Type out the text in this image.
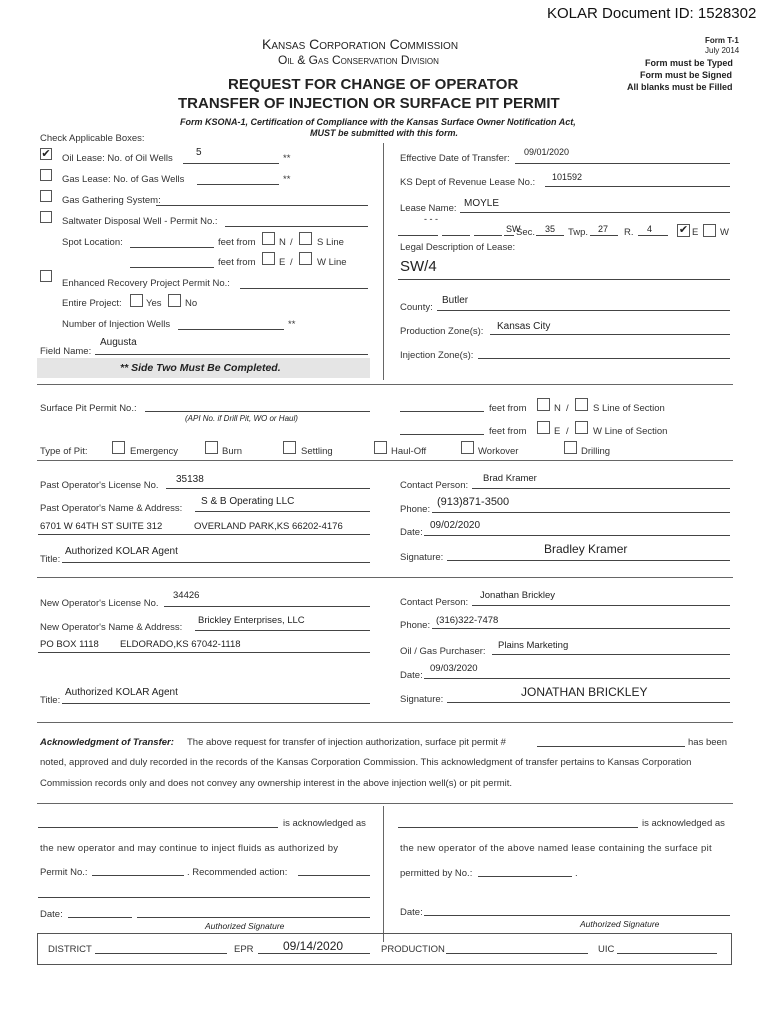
KOLAR Document ID: 1528302
Kansas Corporation Commission
Oil & Gas Conservation Division
Form T-1
July 2014
Form must be Typed
Form must be Signed
All blanks must be Filled
REQUEST FOR CHANGE OF OPERATOR
TRANSFER OF INJECTION OR SURFACE PIT PERMIT
Form KSONA-1, Certification of Compliance with the Kansas Surface Owner Notification Act,
MUST be submitted with this form.
Check Applicable Boxes:
✔ Oil Lease: No. of Oil Wells
5
**
Gas Lease: No. of Gas Wells	**
Gas Gathering System:
Saltwater Disposal Well - Permit No.:
Spot Location:	feet from N /	S Line
feet from E /	W Line
Enhanced Recovery Project Permit No.:
Entire Project:	Yes No
Number of Injection Wells	**
Field Name:
Augusta
** Side Two Must Be Completed.
Effective Date of Transfer:
09/01/2020
KS Dept of Revenue Lease No.: 101592
Lease Name: MOYLE
- - -
SW
Sec. 35 Twp. 27 R. 4 ✔ E W
Legal Description of Lease:
SW/4
County:
Butler
Production Zone(s): Kansas City
Injection Zone(s):
Surface Pit Permit No.:
(API No. if Drill Pit, WO or Haul)
feet from	N /	S Line of Section
feet from	E /	W Line of Section
Type of Pit:	Emergency	Burn	Settling	Haul-Off	Workover	Drilling
Past Operator's License No.
35138
Past Operator's Name & Address:
S & B Operating LLC
6701 W 64TH ST SUITE 312	OVERLAND PARK,KS 66202-4176
Title:
Authorized KOLAR Agent
Contact Person:
Brad Kramer
Phone:
(913)871-3500
Date:
09/02/2020
Signature:
Bradley Kramer
New Operator's License No.
34426
New Operator's Name & Address:
Brickley Enterprises, LLC
PO BOX 1118 ELDORADO,KS 67042-1118
Title:
Authorized KOLAR Agent
Contact Person:
Jonathan Brickley
Phone: (316)322-7478
Oil / Gas Purchaser:
Plains Marketing
Date:
09/03/2020
Signature:
JONATHAN BRICKLEY
Acknowledgment of Transfer: The above request for transfer of injection authorization, surface pit permit #	has been
noted, approved and duly recorded in the records of the Kansas Corporation Commission. This acknowledgment of transfer pertains to Kansas Corporation
Commission records only and does not convey any ownership interest in the above injection well(s) or pit permit.
is acknowledged as
the new operator and may continue to inject fluids as authorized by
Permit No.:	. Recommended action:
Date:
Authorized Signature
is acknowledged as
the new operator of the above named lease containing the surface pit
permitted by No.:	.
Date:
Authorized Signature
DISTRICT	EPR 09/14/2020	PRODUCTION	UIC
